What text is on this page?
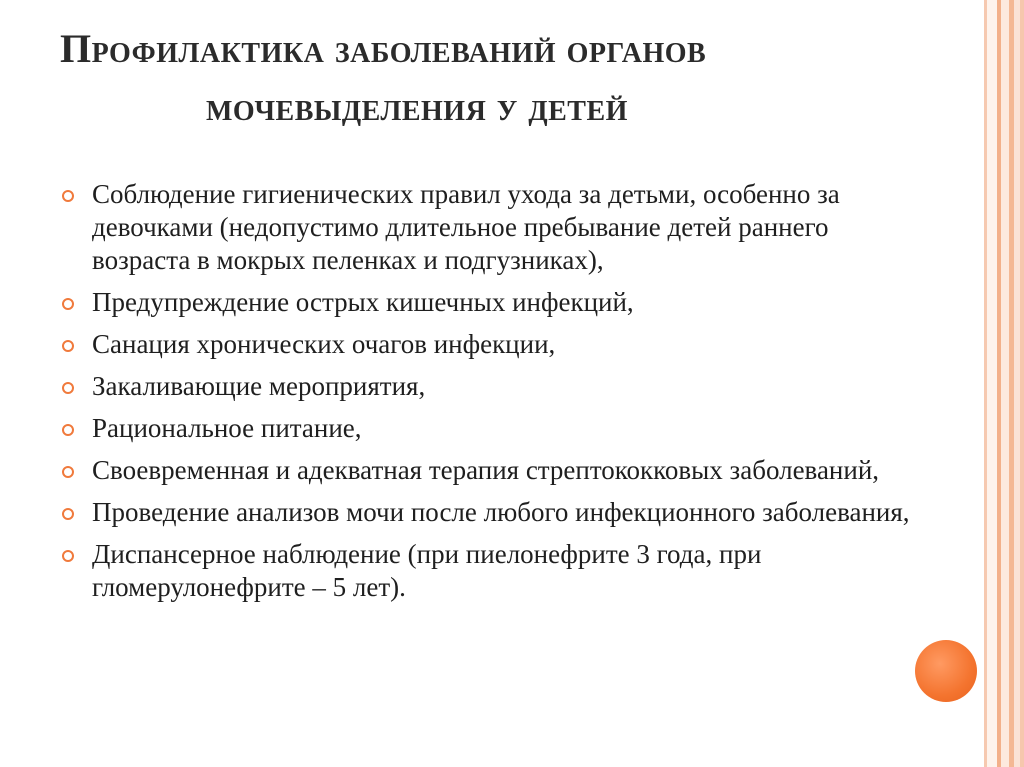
Профилактика заболеваний органов
мочевыделения у детей
Соблюдение гигиенических правил ухода за детьми, особенно за девочками (недопустимо длительное пребывание детей раннего возраста в мокрых пеленках и подгузниках),
Предупреждение острых кишечных инфекций,
Санация хронических очагов инфекции,
Закаливающие мероприятия,
Рациональное питание,
Своевременная и адекватная терапия стрептококковых заболеваний,
Проведение анализов мочи после любого инфекционного заболевания,
Диспансерное наблюдение (при пиелонефрите 3 года, при гломерулонефрите – 5 лет).
